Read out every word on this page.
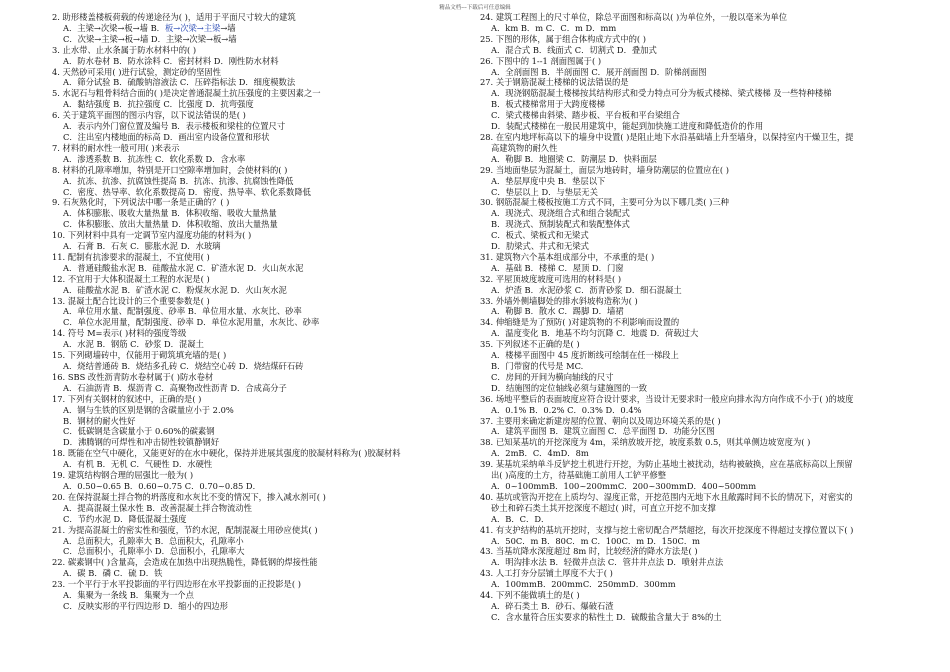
精品文档---下载后可任意编辑
2. 助形楼盖楼板荷载的传递途径为( )，适用于平面尺寸较大的建筑
A．主梁→次梁→板→墙 B．板→次梁→主梁→墙
C．次梁→主梁→板→墙 D．主梁→次梁→板→墙
3. 止水带、止水条属于防水材料中的( )
A．防水卷材 B．防水涂料 C．密封材料 D．刚性防水材料
4. 天然砂可采用( )进行试验，测定砂的坚固性
A．筛分试验 B．硫酸钠溶液法 C．压碎指标法 D．细度模数法
5. 水泥石与粗骨料结合面的( )是决定普通混凝土抗压强度的主要因素之一
A．黏结强度 B．抗拉强度 C．比强度 D．抗弯强度
6. 关于建筑平面图的图示内容，以下说法错误的是( )
A．表示内外门窗位置及编号 B．表示楼板和梁柱的位置尺寸
C．注出室内楼地面的标高 D．画出室内设备位置和形状
7. 材料的耐水性一般可用( )来表示
A．渗透系数 B．抗冻性 C．软化系数 D．含水率
8. 材料的孔隙率增加，特别是开口空隙率增加时，会使材料的( )
A．抗冻、抗渗、抗腐蚀性提高 B．抗冻、抗渗、抗腐蚀性降低
C．密度、热导率、软化系数提高 D．密度、热导率、软化系数降低
9. 石灰熟化时，下列说法中哪一条是正确的？( )
A．体积膨胀、吸收大量热量 B．体积收缩、吸收大量热量
C．体积膨胀、放出大量热量 D．体积收缩、放出大量热量
10. 下列材料中具有一定调节室内湿度功能的材料为( )
A．石膏 B．石灰 C．膨胀水泥 D．水玻璃
11. 配制有抗渗要求的混凝土，不宜使用( )
A．普通硅酸盐水泥 B．硅酸盐水泥 C．矿渣水泥 D．火山灰水泥
12. 不宜用于大体积混凝土工程的水泥是( )
A．硅酸盐水泥 B．矿渣水泥 C．粉煤灰水泥 D．火山灰水泥
13. 混凝土配合比设计的三个重要参数是( )
A．单位用水量、配制强度、砂率 B．单位用水量、水灰比、砂率
C．单位水泥用量，配制强度、砂率 D．单位水泥用量，水灰比、砂率
14. 符号 M=表示( )材料的强度等级
A．水泥 B．钢筋 C．砂浆 D．混凝土
15. 下列砌墙砖中，仅能用于砌筑填充墙的是( )
A．烧结普通砖 B．烧结多孔砖 C．烧结空心砖 D．烧结煤矸石砖
16. SBS 改性沥青防水卷材属于( )防水卷材
A．石油沥青 B．煤沥青 C．高聚物改性沥青 D．合成高分子
17. 下列有关钢材的叙述中，正确的是( )
A．钢与生铁的区别是钢的含碳量应小于 2.0%
B．钢材的耐火性好
C．低碳钢是含碳量小于 0.60%的碳素钢
D．沸腾钢的可焊性和冲击韧性较镇静钢好
18. 既能在空气中硬化，又能更好的在水中硬化，保持并进展其强度的胶凝材料称为( )胶凝材料
A．有机 B．无机 C．气硬性 D．水硬性
19. 建筑结构钢合理的屈强比一般为( )
A．0.50~0.65 B．0.60~0.75 C．0.70~0.85 D．
20. 在保持混凝土拌合物的坍落度和水灰比不变的情况下，掺入减水剂可( )
A．提高混凝土保水性 B．改善混凝土拌合物流动性
C．节约水泥 D．降低混凝土强度
21. 为提高混凝土的密实性和强度，节约水泥，配制混凝土用砂应使其( )
A．总面积大，孔隙率大 B．总面积大，孔隙率小
C．总面积小，孔隙率小 D．总面积小，孔隙率大
22. 碳素钢中( )含量高，会造成在加热中出现热脆性，降低钢的焊接性能
A．碳 B．磷 C．硫 D．铁
23. 一个平行于水平投影面的平行四边形在水平投影面的正投影是( )
A．集聚为一条线 B．集聚为一个点
C．反映实形的平行四边形 D．缩小的四边形
24. 建筑工程图上的尺寸单位，除总平面图和标高以( )为单位外，一般以毫米为单位
A．km B．m C．C．m D．mm
25. 下图的形体，属于组合体构成方式中的( )
A．混合式 B．线面式 C．切割式 D．叠加式
26. 下图中的 1--1 剖面图属于( )
A．全剖面图 B．半剖面图 C．展开剖面图 D．阶梯剖面图
27. 关于钢筋混凝土楼梯的说法错误的是
A．现浇钢筋混凝土楼梯按其结构形式和受力特点可分为板式楼梯、梁式楼梯 及一些特种楼梯
B．板式楼梯常用于大跨度楼梯
C．梁式楼梯由斜梁、踏步板、平台板和平台梁组合
D．装配式楼梯在一般民用建筑中，能起到加快施工进度和降低造价的作用
28. 在室内地坪标高以下的墙身中设置( )是阻止地下水沿基础墙上升至墙身，以保持室内干燥卫生，提
高建筑物的耐久性
A．勒脚 B．地圈梁 C．防潮层 D．快料面层
29. 当地面垫层为混凝土，面层为地砖时，墙身防潮层的位置应在( )
A．垫层厚度中央 B．垫层以下
C．垫层以上 D．与垫层无关
30. 钢筋混凝土楼板按施工方式不同，主要可分为以下哪几类( )三种
A．现浇式、现浇组合式和组合装配式
B．现浇式、预制装配式和装配整体式
C．板式、梁板式和无梁式
D．肋梁式、井式和无梁式
31. 建筑物六个基本组成部分中，不承重的是( )
A．基础 B．楼梯 C．屋顶 D．门窗
32. 平屋顶坡度坡度可选用的材料是( )
A．炉渣 B．水泥砂浆 C．沥青砂浆 D．细石混凝土
33. 外墙外侧墙脚处的排水斜坡构造称为( )
A．勒脚 B．散水 C．踢脚 D．墙裙
34. 伸缩缝是为了预防( )对建筑物的不利影响而设置的
A．温度变化 B．地基不均匀沉降 C．地震 D．荷载过大
35. 下列叙述不正确的是( )
A．楼梯平面图中 45 度折断线可绘制在任一梯段上
B．门带窗的代号是 MC.
C．房间的开间为横向轴线的尺寸
D．结施图的定位轴线必须与建施图的一致
36. 场地平整后的表面坡度应符合设计要求，当设计无要求时一般应向排水沟方向作成不小于( )的坡度
A．0.1% B．0.2% C．0.3% D．0.4%
37. 主要用来确定新建房屋的位置、朝向以及周边环境关系的是( )
A．建筑平面图 B．建筑立面图 C．总平面图 D．功能分区图
38. 已知某基坑的开挖深度为 4m，采纳放坡开挖，坡度系数 0.5，则其单侧边坡宽度为( )
A．2mB．C．4mD．8m
39. 某基坑采纳单斗反铲挖土机进行开挖，为防止基地土被扰动，结构被破换，应在基底标高以上预留
出( )高度的土方，待基础施工前用人工铲平修整
A．0~100mmB．100~200mmC．200~300mmD．400~500mm
40. 基坑或管沟开挖在上质均匀、湿度正常，开挖范围内无地下水且敞露时间不长的情况下，对密实的
砂土和碎石类土其开挖深度不超过( )时，可直立开挖不加支撑
A．B．C．D．
41. 有支护结构的基坑开挖时，支撑与挖土密切配合严禁超挖，每次开挖深度不得超过支撑位置以下( )
A．50C．m B．80C．m C．100C．m D．150C．m
43. 当基坑降水深度超过 8m 时，比较经济的降水方法是( )
A．明沟排水法 B．轻微井点法 C．管井井点法 D．喷射井点法
43. 人工打夯分层铺土厚度不大于( )
A．100mmB．200mmC．250mmD．300mm
44. 下列不能做填土的是( )
A．碎石类土 B．砂石、爆破石渣
C．含水量符合压实要求的粘性土 D．硫酸盐含量大于 8%的土
